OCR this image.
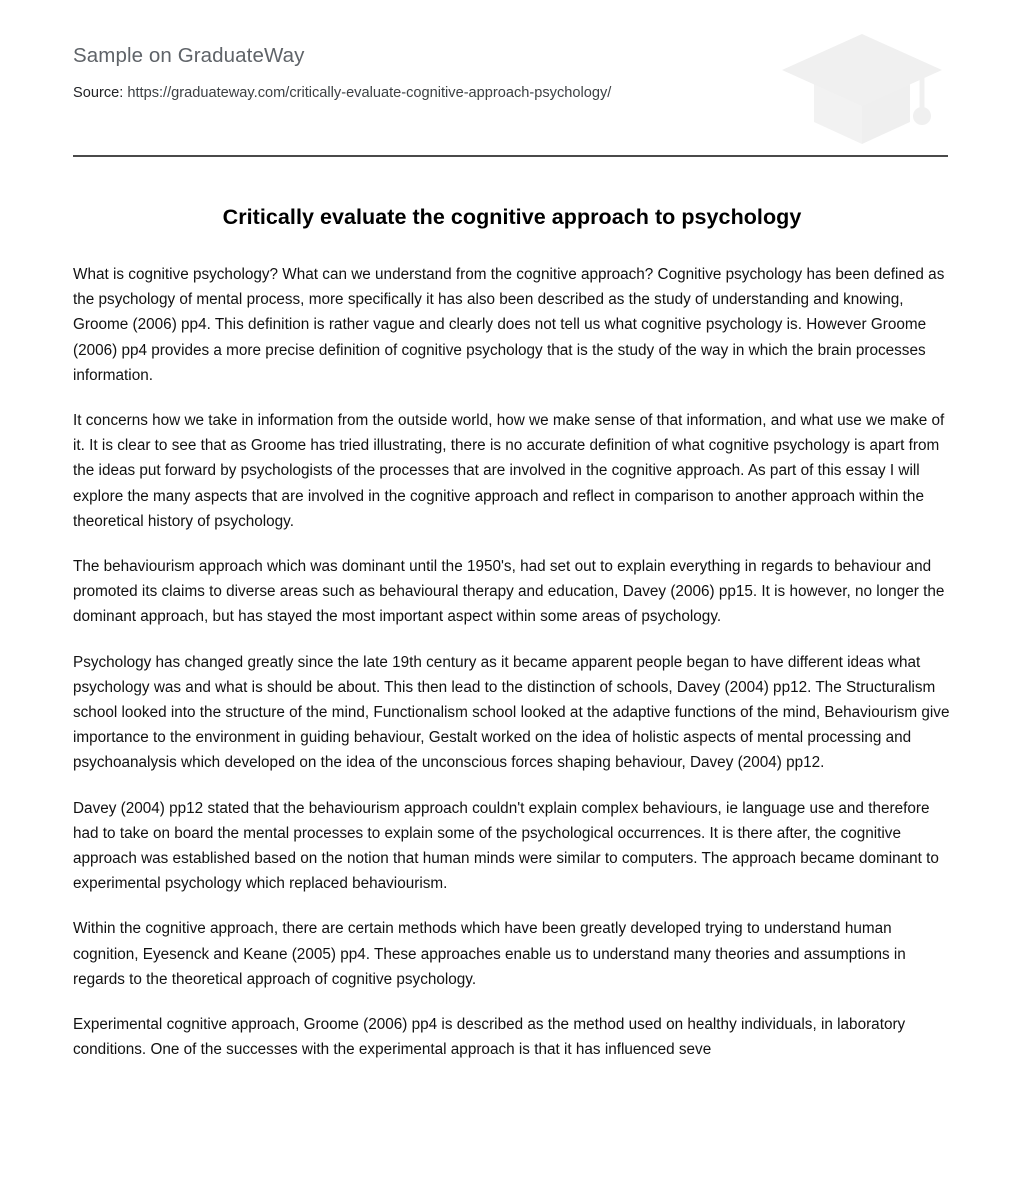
Sample on GraduateWay
Source: https://graduateway.com/critically-evaluate-cognitive-approach-psychology/
Critically evaluate the cognitive approach to psychology

What is cognitive psychology? What can we understand from the cognitive approach? Cognitive psychology has been defined as the psychology of mental process, more specifically it has also been described as the study of understanding and knowing, Groome (2006) pp4. This definition is rather vague and clearly does not tell us what cognitive psychology is. However Groome (2006) pp4 provides a more precise definition of cognitive psychology that is the study of the way in which the brain processes information.

It concerns how we take in information from the outside world, how we make sense of that information, and what use we make of it. It is clear to see that as Groome has tried illustrating, there is no accurate definition of what cognitive psychology is apart from the ideas put forward by psychologists of the processes that are involved in the cognitive approach. As part of this essay I will explore the many aspects that are involved in the cognitive approach and reflect in comparison to another approach within the theoretical history of psychology.

The behaviourism approach which was dominant until the 1950's, had set out to explain everything in regards to behaviour and promoted its claims to diverse areas such as behavioural therapy and education, Davey (2006) pp15. It is however, no longer the dominant approach, but has stayed the most important aspect within some areas of psychology.

Psychology has changed greatly since the late 19th century as it became apparent people began to have different ideas what psychology was and what is should be about. This then lead to the distinction of schools, Davey (2004) pp12. The Structuralism school looked into the structure of the mind, Functionalism school looked at the adaptive functions of the mind, Behaviourism give importance to the environment in guiding behaviour, Gestalt worked on the idea of holistic aspects of mental processing and psychoanalysis which developed on the idea of the unconscious forces shaping behaviour, Davey (2004) pp12.

Davey (2004) pp12 stated that the behaviourism approach couldn't explain complex behaviours, ie language use and therefore had to take on board the mental processes to explain some of the psychological occurrences. It is there after, the cognitive approach was established based on the notion that human minds were similar to computers. The approach became dominant to experimental psychology which replaced behaviourism.

Within the cognitive approach, there are certain methods which have been greatly developed trying to understand human cognition, Eyesenck and Keane (2005) pp4. These approaches enable us to understand many theories and assumptions in regards to the theoretical approach of cognitive psychology.

Experimental cognitive approach, Groome (2006) pp4 is described as the method used on healthy individuals, in laboratory conditions. One of the successes with the experimental approach is that it has influenced seve
